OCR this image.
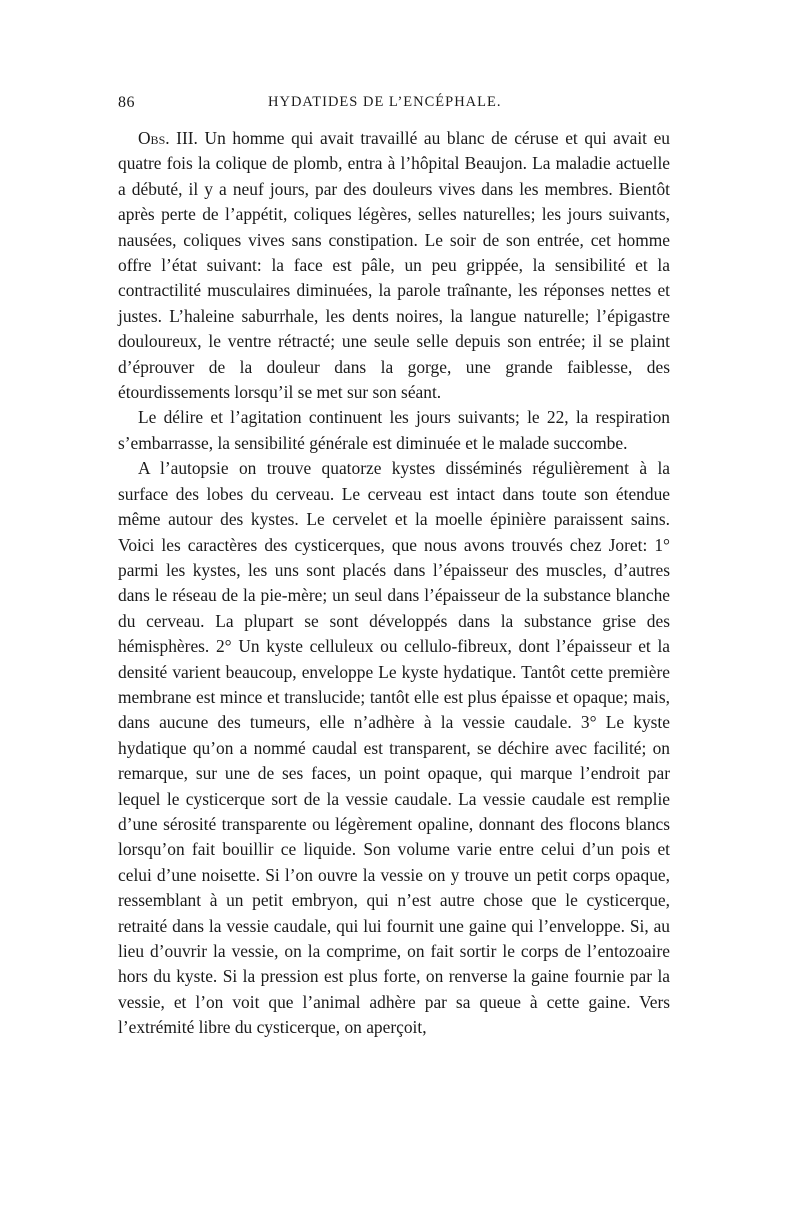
86	HYDATIDES DE L’ENCÉPHALE.

Obs. III. Un homme qui avait travaillé au blanc de céruse et qui avait eu quatre fois la colique de plomb, entra à l’hôpital Beaujon. La maladie actuelle a débuté, il y a neuf jours, par des douleurs vives dans les membres. Bientôt après perte de l’appétit, coliques légères, selles naturelles; les jours suivants, nausées, coliques vives sans constipation. Le soir de son entrée, cet homme offre l’état suivant: la face est pâle, un peu grippée, la sensibilité et la contractilité musculaires diminuées, la parole traînante, les réponses nettes et justes. L’haleine saburrhale, les dents noires, la langue naturelle; l’épigastre douloureux, le ventre rétracté; une seule selle depuis son entrée; il se plaint d’éprouver de la douleur dans la gorge, une grande faiblesse, des étourdissements lorsqu’il se met sur son séant.

Le délire et l’agitation continuent les jours suivants; le 22, la respiration s’embarrasse, la sensibilité générale est diminuée et le malade succombe.

A l’autopsie on trouve quatorze kystes disséminés régulièrement à la surface des lobes du cerveau. Le cerveau est intact dans toute son étendue même autour des kystes. Le cervelet et la moelle épinière paraissent sains. Voici les caractères des cysticerques, que nous avons trouvés chez Joret: 1° parmi les kystes, les uns sont placés dans l’épaisseur des muscles, d’autres dans le réseau de la pie-mère; un seul dans l’épaisseur de la substance blanche du cerveau. La plupart se sont développés dans la substance grise des hémisphères. 2° Un kyste celluleux ou cellulo-fibreux, dont l’épaisseur et la densité varient beaucoup, enveloppe Le kyste hydatique. Tantôt cette première membrane est mince et translucide; tantôt elle est plus épaisse et opaque; mais, dans aucune des tumeurs, elle n’adhère à la vessie caudale. 3° Le kyste hydatique qu’on a nommé caudal est transparent, se déchire avec facilité; on remarque, sur une de ses faces, un point opaque, qui marque l’endroit par lequel le cysticerque sort de la vessie caudale. La vessie caudale est remplie d’une sérosité transparente ou légèrement opaline, donnant des flocons blancs lorsqu’on fait bouillir ce liquide. Son volume varie entre celui d’un pois et celui d’une noisette. Si l’on ouvre la vessie on y trouve un petit corps opaque, ressemblant à un petit embryon, qui n’est autre chose que le cysticerque, retraité dans la vessie caudale, qui lui fournit une gaine qui l’enveloppe. Si, au lieu d’ouvrir la vessie, on la comprime, on fait sortir le corps de l’entozoaire hors du kyste. Si la pression est plus forte, on renverse la gaine fournie par la vessie, et l’on voit que l’animal adhère par sa queue à cette gaine. Vers l’extrémité libre du cysticerque, on aperçoit,
